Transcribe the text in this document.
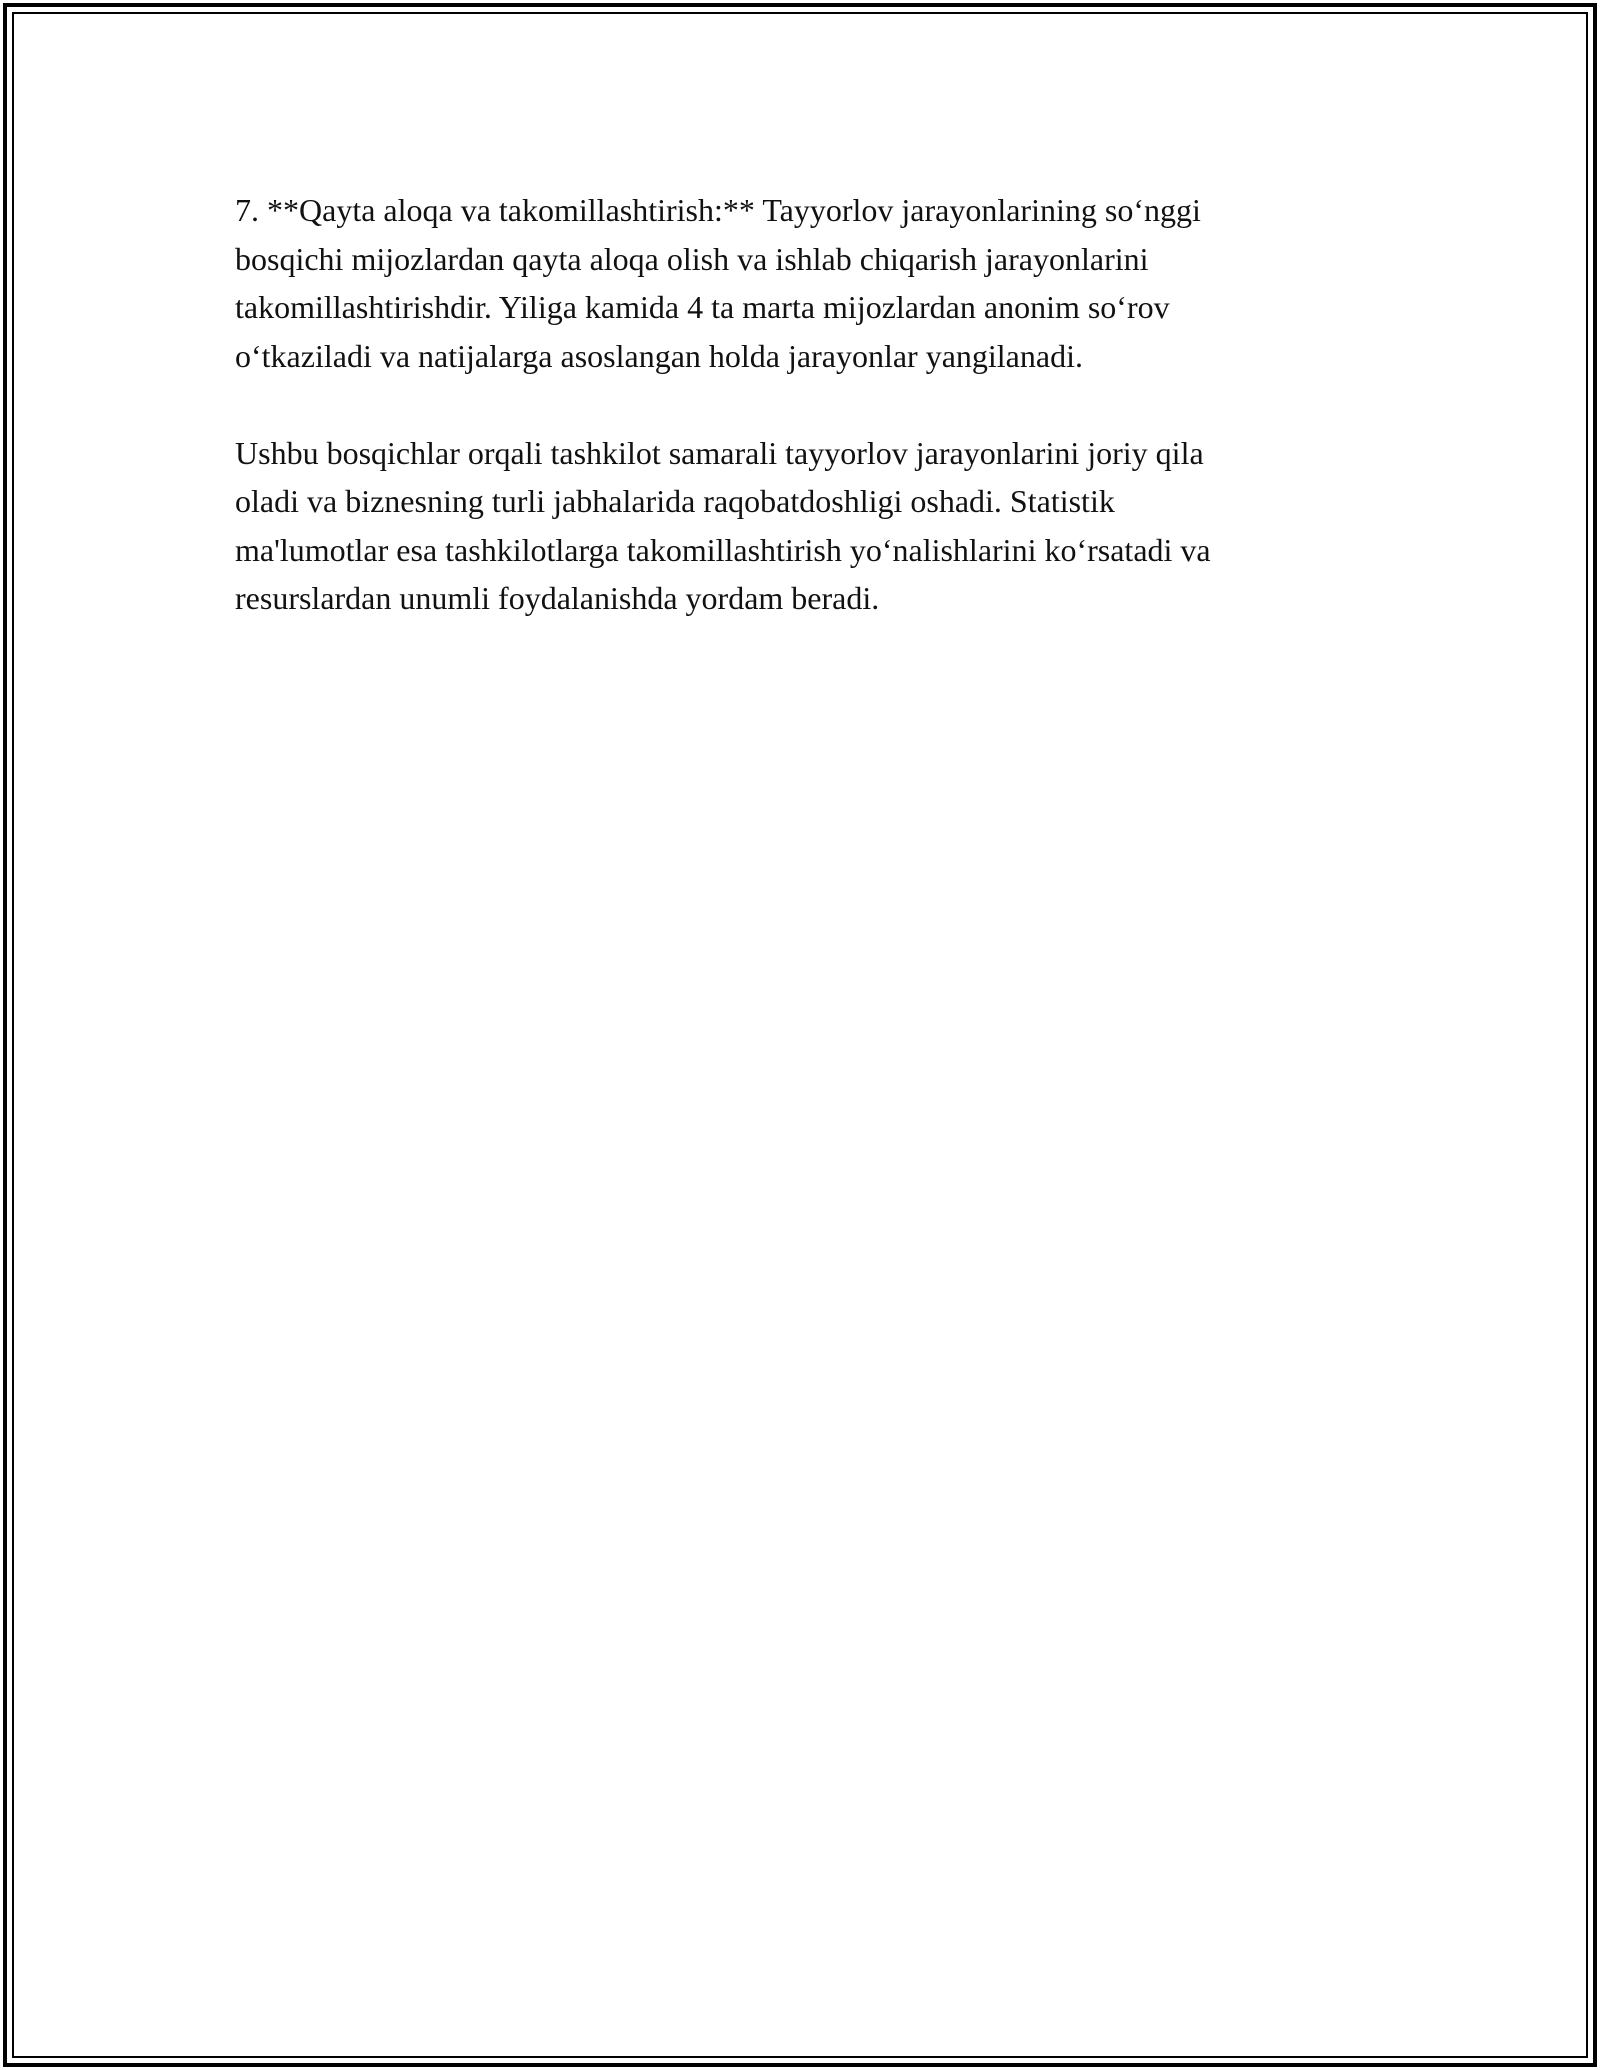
7. **Qayta aloqa va takomillashtirish:** Tayyorlov jarayonlarining so‘nggi
bosqichi mijozlardan qayta aloqa olish va ishlab chiqarish jarayonlarini
takomillashtirishdir. Yiliga kamida 4 ta marta mijozlardan anonim so‘rov
o‘tkaziladi va natijalarga asoslangan holda jarayonlar yangilanadi.

Ushbu bosqichlar orqali tashkilot samarali tayyorlov jarayonlarini joriy qila
oladi va biznesning turli jabhalarida raqobatdoshligi oshadi. Statistik
ma'lumotlar esa tashkilotlarga takomillashtirish yo‘nalishlarini ko‘rsatadi va
resurslardan unumli foydalanishda yordam beradi.
